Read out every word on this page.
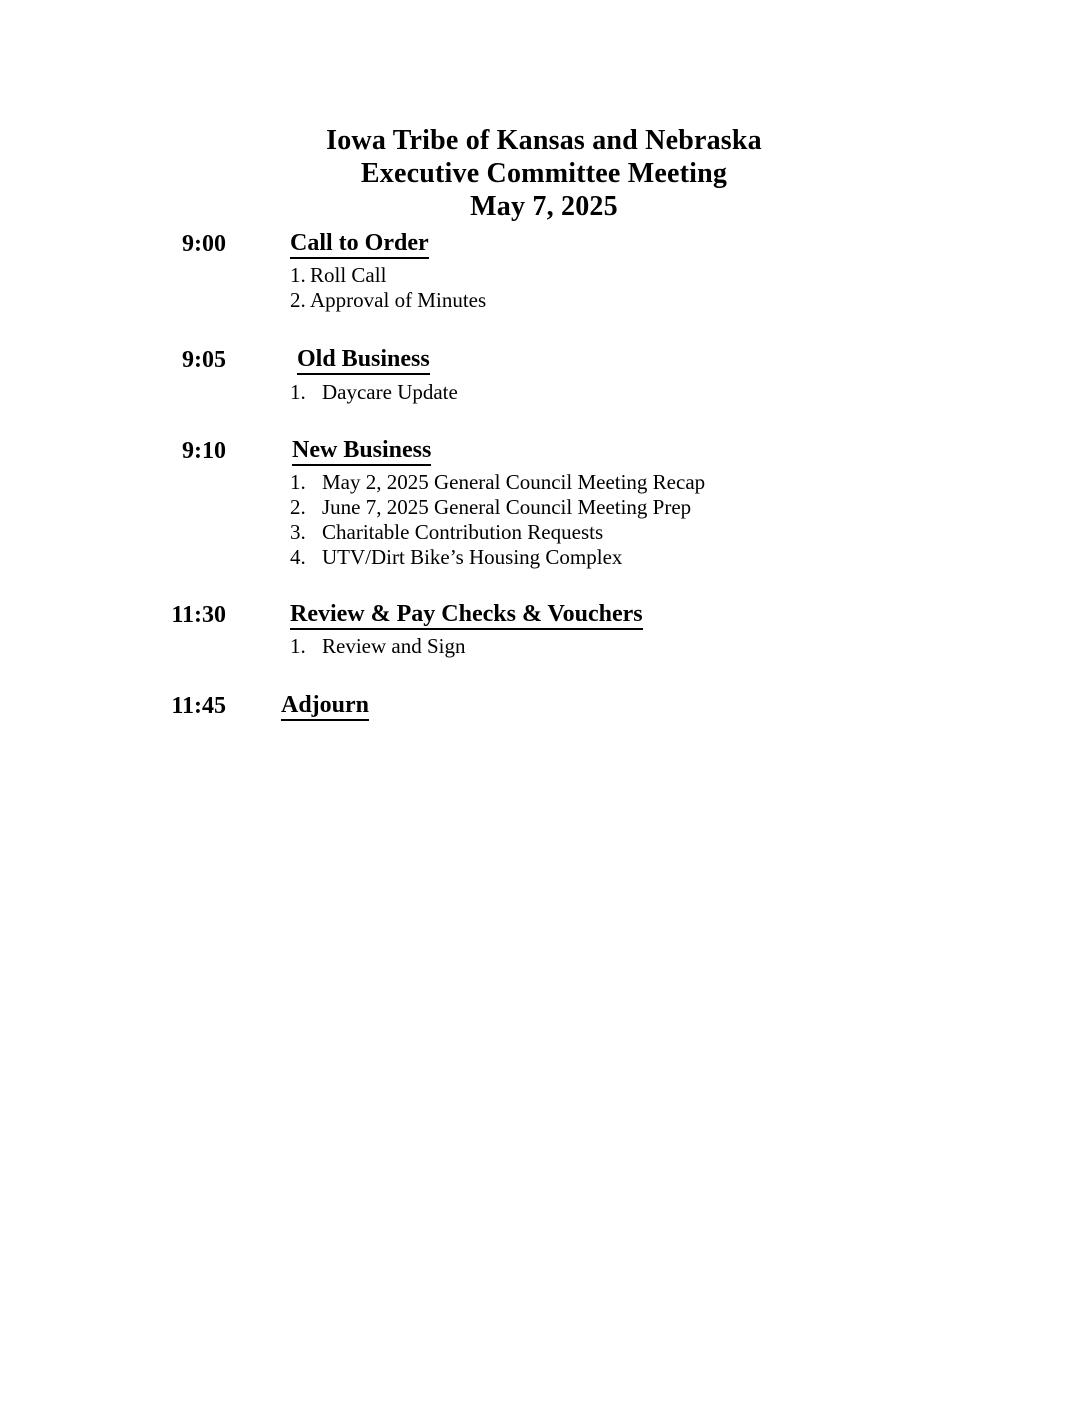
Iowa Tribe of Kansas and Nebraska
Executive Committee Meeting
May 7, 2025
9:00	Call to Order
1. Roll Call
2. Approval of Minutes
9:05	Old Business
1. Daycare Update
9:10	New Business
1. May 2, 2025 General Council Meeting Recap
2. June 7, 2025 General Council Meeting Prep
3. Charitable Contribution Requests
4. UTV/Dirt Bike’s Housing Complex
11:30	Review & Pay Checks & Vouchers
1. Review and Sign
11:45 Adjourn
